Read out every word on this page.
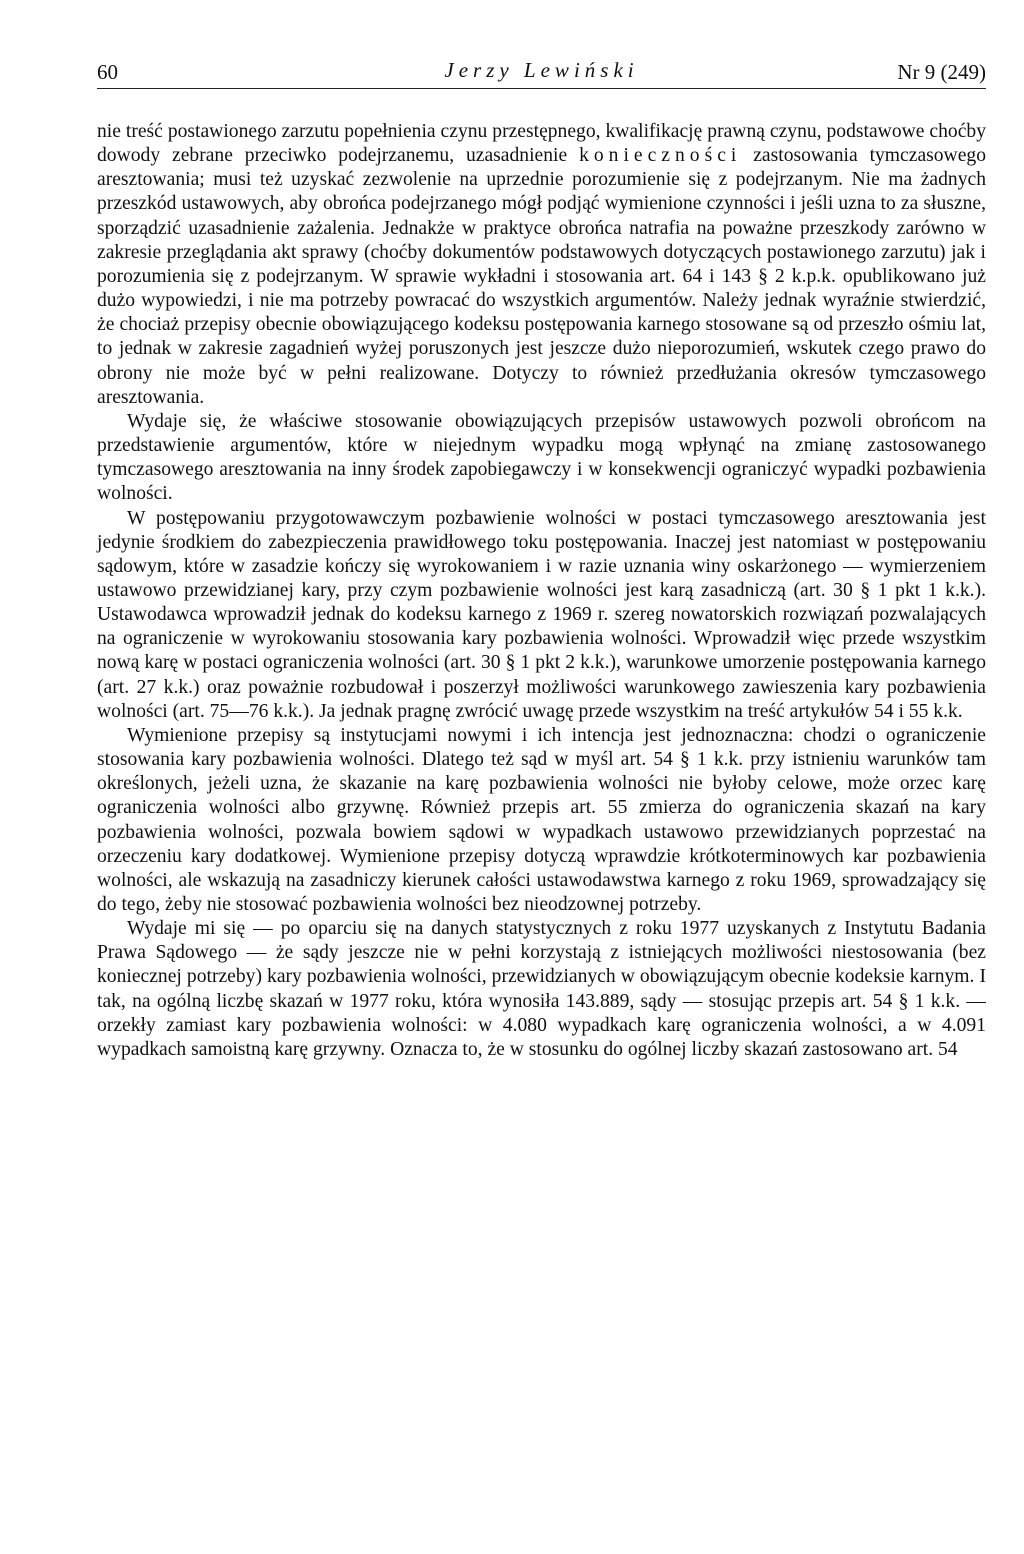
60	Jerzy Lewiński	Nr 9 (249)

nie treść postawionego zarzutu popełnienia czynu przestępnego, kwalifikację prawną czynu, podstawowe choćby dowody zebrane przeciwko podejrzanemu, uzasadnienie konieczności zastosowania tymczasowego aresztowania; musi też uzyskać zezwolenie na uprzednie porozumienie się z podejrzanym. Nie ma żadnych przeszkód ustawowych, aby obrońca podejrzanego mógł podjąć wymienione czynności i jeśli uzna to za słuszne, sporządzić uzasadnienie zażalenia. Jednakże w praktyce obrońca natrafia na poważne przeszkody zarówno w zakresie przeglądania akt sprawy (choćby dokumentów podstawowych dotyczących postawionego zarzutu) jak i porozumienia się z podejrzanym. W sprawie wykładni i stosowania art. 64 i 143 § 2 k.p.k. opublikowano już dużo wypowiedzi, i nie ma potrzeby powracać do wszystkich argumentów. Należy jednak wyraźnie stwierdzić, że chociaż przepisy obecnie obowiązującego kodeksu postępowania karnego stosowane są od przeszło ośmiu lat, to jednak w zakresie zagadnień wyżej poruszonych jest jeszcze dużo nieporozumień, wskutek czego prawo do obrony nie może być w pełni realizowane. Dotyczy to również przedłużania okresów tymczasowego aresztowania.

Wydaje się, że właściwe stosowanie obowiązujących przepisów ustawowych pozwoli obrońcom na przedstawienie argumentów, które w niejednym wypadku mogą wpłynąć na zmianę zastosowanego tymczasowego aresztowania na inny środek zapobiegawczy i w konsekwencji ograniczyć wypadki pozbawienia wolności.

W postępowaniu przygotowawczym pozbawienie wolności w postaci tymczasowego aresztowania jest jedynie środkiem do zabezpieczenia prawidłowego toku postępowania. Inaczej jest natomiast w postępowaniu sądowym, które w zasadzie kończy się wyrokowaniem i w razie uznania winy oskarżonego — wymierzeniem ustawowo przewidzianej kary, przy czym pozbawienie wolności jest karą zasadniczą (art. 30 § 1 pkt 1 k.k.). Ustawodawca wprowadził jednak do kodeksu karnego z 1969 r. szereg nowatorskich rozwiązań pozwalających na ograniczenie w wyrokowaniu stosowania kary pozbawienia wolności. Wprowadził więc przede wszystkim nową karę w postaci ograniczenia wolności (art. 30 § 1 pkt 2 k.k.), warunkowe umorzenie postępowania karnego (art. 27 k.k.) oraz poważnie rozbudował i poszerzył możliwości warunkowego zawieszenia kary pozbawienia wolności (art. 75—76 k.k.). Ja jednak pragnę zwrócić uwagę przede wszystkim na treść artykułów 54 i 55 k.k.

Wymienione przepisy są instytucjami nowymi i ich intencja jest jednoznaczna: chodzi o ograniczenie stosowania kary pozbawienia wolności. Dlatego też sąd w myśl art. 54 § 1 k.k. przy istnieniu warunków tam określonych, jeżeli uzna, że skazanie na karę pozbawienia wolności nie byłoby celowe, może orzec karę ograniczenia wolności albo grzywnę. Również przepis art. 55 zmierza do ograniczenia skazań na kary pozbawienia wolności, pozwala bowiem sądowi w wypadkach ustawowo przewidzianych poprzestać na orzeczeniu kary dodatkowej. Wymienione przepisy dotyczą wprawdzie krótkoterminowych kar pozbawienia wolności, ale wskazują na zasadniczy kierunek całości ustawodawstwa karnego z roku 1969, sprowadzający się do tego, żeby nie stosować pozbawienia wolności bez nieodzownej potrzeby.

Wydaje mi się — po oparciu się na danych statystycznych z roku 1977 uzyskanych z Instytutu Badania Prawa Sądowego — że sądy jeszcze nie w pełni korzystają z istniejących możliwości niestosowania (bez koniecznej potrzeby) kary pozbawienia wolności, przewidzianych w obowiązującym obecnie kodeksie karnym. I tak, na ogólną liczbę skazań w 1977 roku, która wynosiła 143.889, sądy — stosując przepis art. 54 § 1 k.k. — orzekły zamiast kary pozbawienia wolności: w 4.080 wypadkach karę ograniczenia wolności, a w 4.091 wypadkach samoistną karę grzywny. Oznacza to, że w stosunku do ogólnej liczby skazań zastosowano art. 54
